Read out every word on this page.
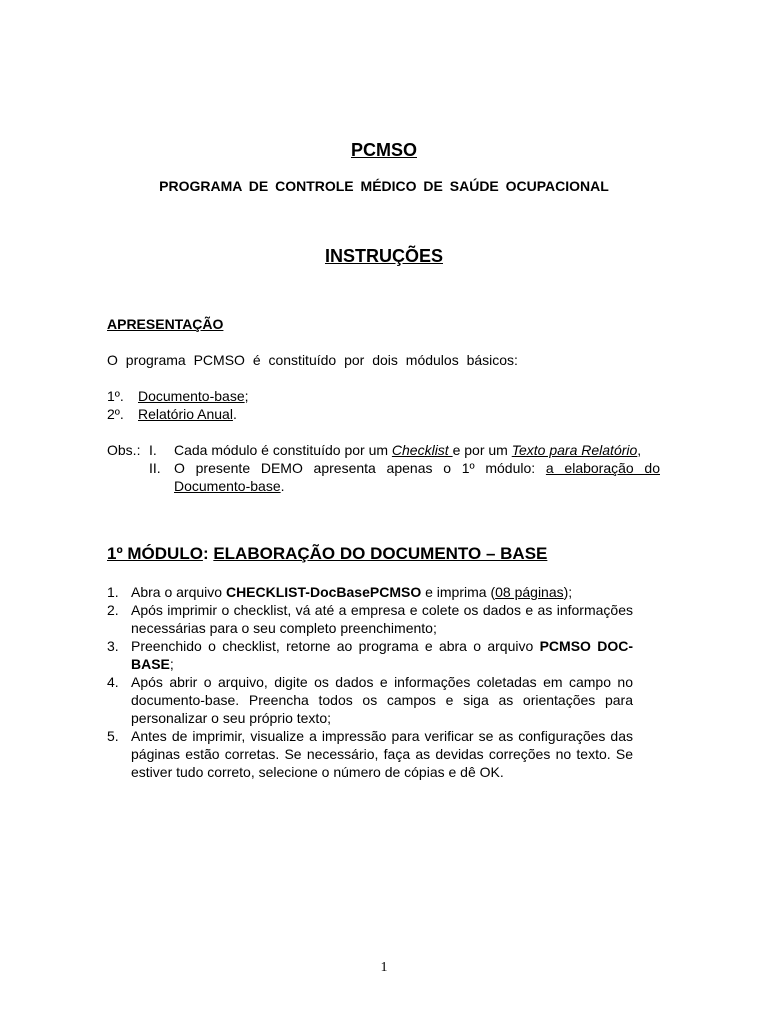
PCMSO
PROGRAMA DE CONTROLE MÉDICO DE SAÚDE OCUPACIONAL
INSTRUÇÕES

APRESENTAÇÃO

O programa PCMSO é constituído por dois módulos básicos:

1º. Documento-base;

2º. Relatório Anual.

Obs.: I.	Cada módulo é constituído por um Checklist e por um Texto para Relatório,
II. O presente DEMO apresenta apenas o 1º módulo: a elaboração do Documento-base.
1º MÓDULO: ELABORAÇÃO DO DOCUMENTO – BASE
1. Abra o arquivo CHECKLIST-DocBasePCMSO e imprima (08 páginas);
2. Após imprimir o checklist, vá até a empresa e colete os dados e as informações necessárias para o seu completo preenchimento;
3. Preenchido o checklist, retorne ao programa e abra o arquivo PCMSO DOC-BASE;
4. Após abrir o arquivo, digite os dados e informações coletadas em campo no documento-base. Preencha todos os campos e siga as orientações para personalizar o seu próprio texto;
5. Antes de imprimir, visualize a impressão para verificar se as configurações das páginas estão corretas. Se necessário, faça as devidas correções no texto. Se estiver tudo correto, selecione o número de cópias e dê OK.
1
